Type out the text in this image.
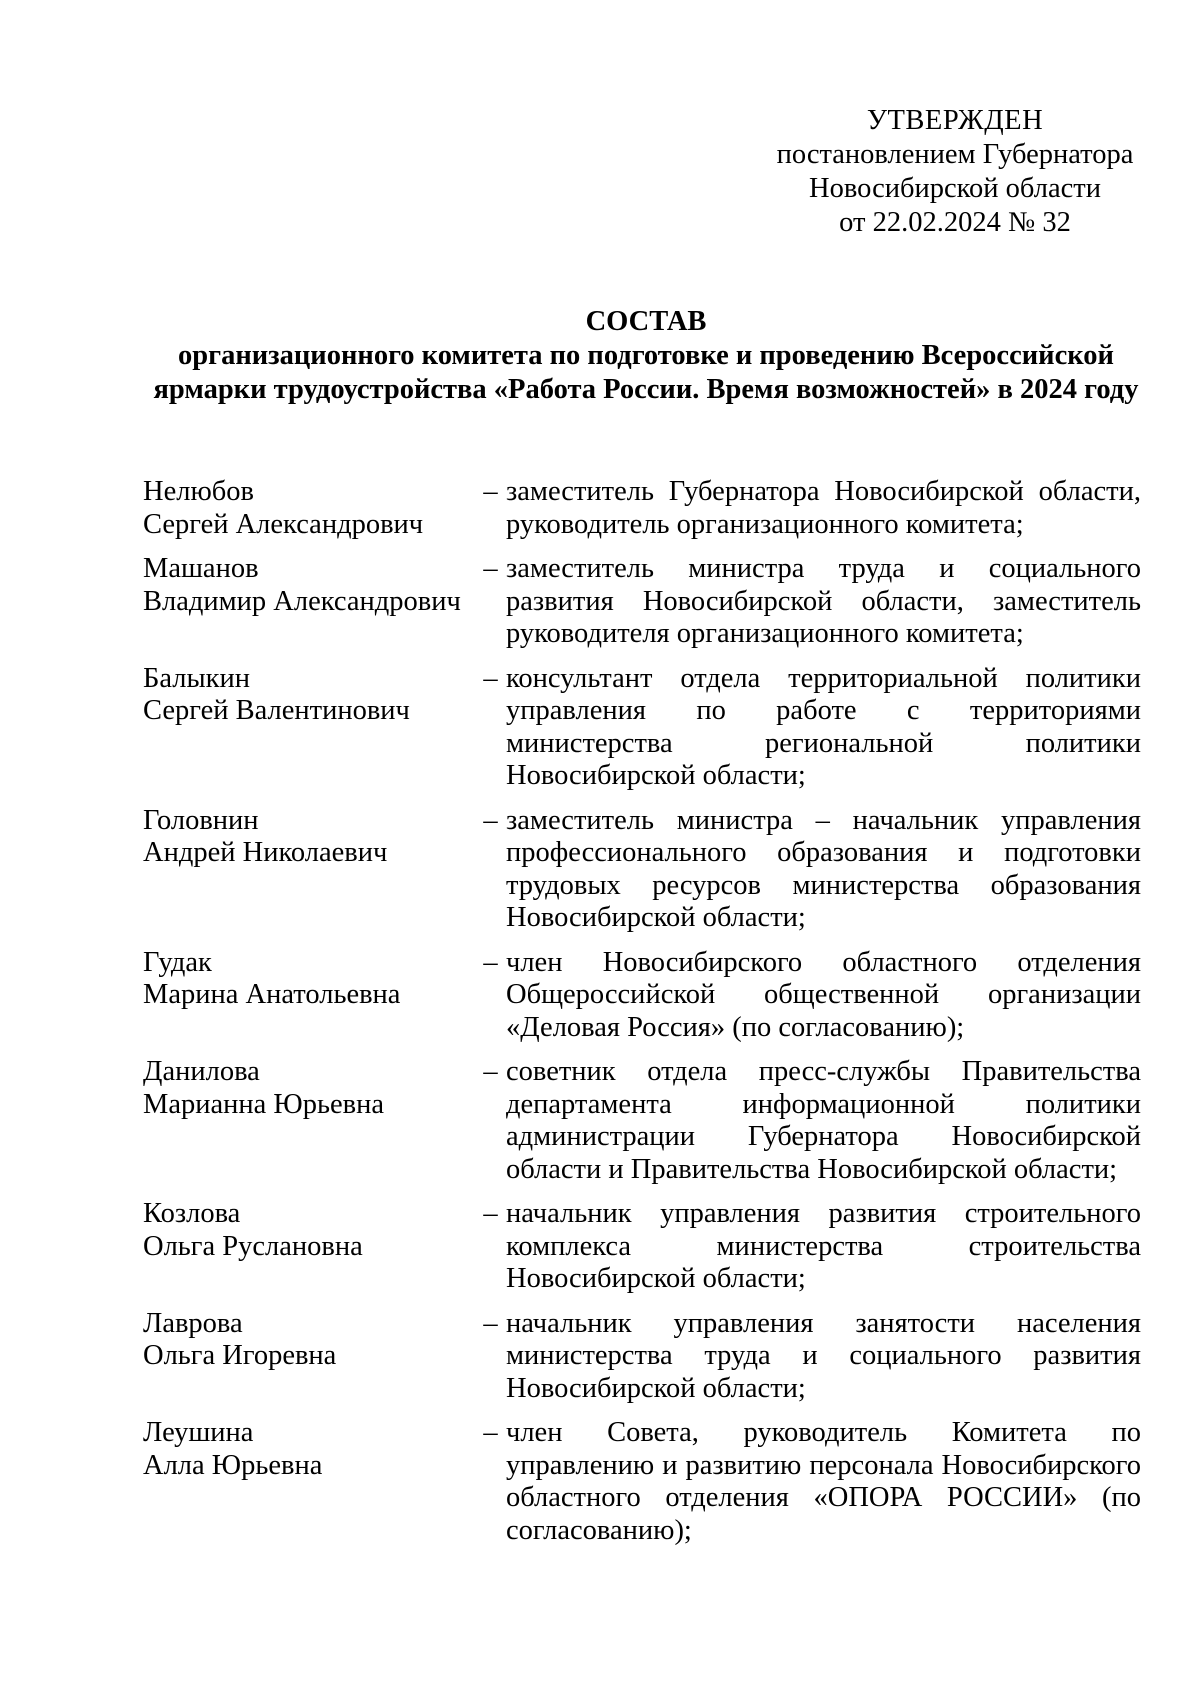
УТВЕРЖДЕН
постановлением Губернатора
Новосибирской области
от 22.02.2024 № 32
СОСТАВ
организационного комитета по подготовке и проведению Всероссийской
ярмарки трудоустройства «Работа России. Время возможностей» в 2024 году
Нелюбов
Сергей Александрович
– заместитель Губернатора Новосибирской области, руководитель организационного комитета;
Машанов
Владимир Александрович
– заместитель министра труда и социального развития Новосибирской области, заместитель руководителя организационного комитета;
Балыкин
Сергей Валентинович
– консультант отдела территориальной политики управления по работе с территориями министерства региональной политики Новосибирской области;
Головнин
Андрей Николаевич
– заместитель министра – начальник управления профессионального образования и подготовки трудовых ресурсов министерства образования Новосибирской области;
Гудак
Марина Анатольевна
– член Новосибирского областного отделения Общероссийской общественной организации «Деловая Россия» (по согласованию);
Данилова
Марианна Юрьевна
– советник отдела пресс-службы Правительства департамента информационной политики администрации Губернатора Новосибирской области и Правительства Новосибирской области;
Козлова
Ольга Руслановна
– начальник управления развития строительного комплекса министерства строительства Новосибирской области;
Лаврова
Ольга Игоревна
– начальник управления занятости населения министерства труда и социального развития Новосибирской области;
Леушина
Алла Юрьевна
– член Совета, руководитель Комитета по управлению и развитию персонала Новосибирского областного отделения «ОПОРА РОССИИ» (по согласованию);
